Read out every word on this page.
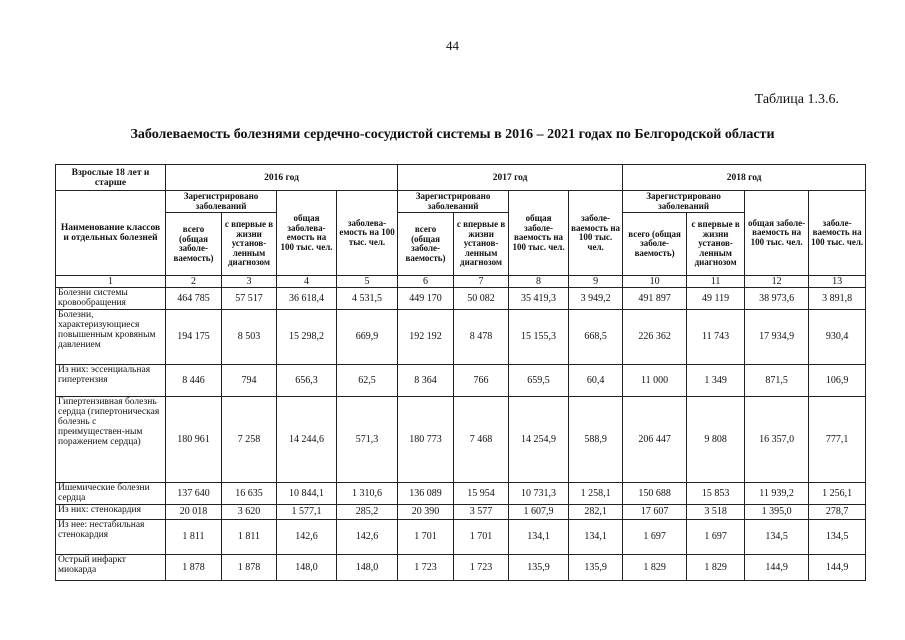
44
Таблица 1.3.6.
Заболеваемость болезнями сердечно-сосудистой системы в 2016 – 2021 годах по Белгородской области
Взрослые 18 лет и старше	2016 год				2017 год				2018 год			
Наименование классов и отдельных болезней	Зарегистрировано заболеваний		общая заболева-емость на 100 тыс. чел.	заболева-емость на 100 тыс. чел.	Зарегистрировано заболеваний		общая заболе-ваемость на 100 тыс. чел.	заболе-ваемость на 100 тыс. чел.	Зарегистрировано заболеваний		общая заболе-ваемость на 100 тыс. чел.	заболе-ваемость на 100 тыс. чел.
	всего (общая заболе-ваемость)	с впервые в жизни установ-ленным диагнозом			всего (общая заболе-ваемость)	с впервые в жизни установ-ленным диагнозом			всего (общая заболе-ваемость)	с впервые в жизни установ-ленным диагнозом		
1	2	3	4	5	6	7	8	9	10	11	12	13
Болезни системы кровообращения	464 785	57 517	36 618,4	4 531,5	449 170	50 082	35 419,3	3 949,2	491 897	49 119	38 973,6	3 891,8
Болезни, характеризующиеся повышенным кровяным давлением	194 175	8 503	15 298,2	669,9	192 192	8 478	15 155,3	668,5	226 362	11 743	17 934,9	930,4
Из них: эссенциальная гипертензия	8 446	794	656,3	62,5	8 364	766	659,5	60,4	11 000	1 349	871,5	106,9
Гипертензивная болезнь сердца (гипертоническая болезнь с преимуществен-ным поражением сердца)	180 961	7 258	14 244,6	571,3	180 773	7 468	14 254,9	588,9	206 447	9 808	16 357,0	777,1
Ишемические болезни сердца	137 640	16 635	10 844,1	1 310,6	136 089	15 954	10 731,3	1 258,1	150 688	15 853	11 939,2	1 256,1
Из них: стенокардия	20 018	3 620	1 577,1	285,2	20 390	3 577	1 607,9	282,1	17 607	3 518	1 395,0	278,7
Из нее: нестабильная стенокардия	1 811	1 811	142,6	142,6	1 701	1 701	134,1	134,1	1 697	1 697	134,5	134,5
Острый инфаркт миокарда	1 878	1 878	148,0	148,0	1 723	1 723	135,9	135,9	1 829	1 829	144,9	144,9
